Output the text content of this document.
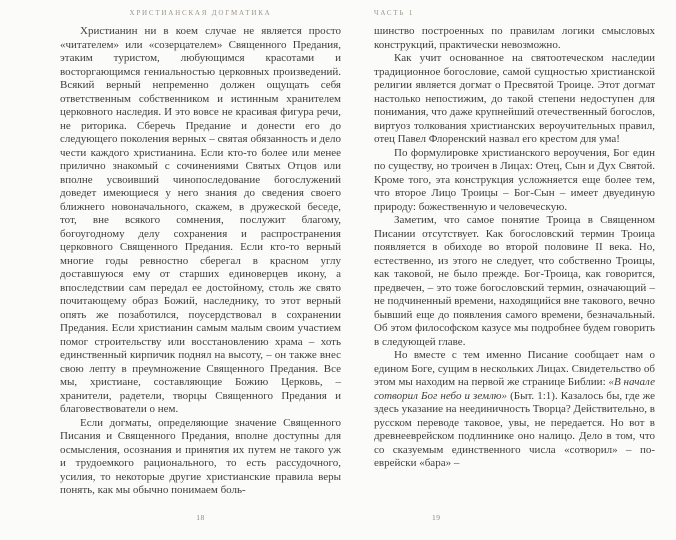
ХРИСТИАНСКАЯ ДОГМАТИКА

Христианин ни в коем случае не является просто «читателем» или «созерцателем» Священного Предания, этаким туристом, любующимся красотами и восторгающимся гениальностью церковных произведений. Всякий верный непременно должен ощущать себя ответственным собственником и истинным хранителем церковного наследия. И это вовсе не красивая фигура речи, не риторика. Сберечь Предание и донести его до следующего поколения верных – святая обязанность и дело чести каждого христианина. Если кто-то более или менее прилично знакомый с сочинениями Святых Отцов или вполне усвоивший чинопоследование богослужений доведет имеющиеся у него знания до сведения своего ближнего новоначального, скажем, в дружеской беседе, тот, вне всякого сомнения, послужит благому, богоугодному делу сохранения и распространения церковного Священного Предания. Если кто-то верный многие годы ревностно сберегал в красном углу доставшуюся ему от старших единоверцев икону, а впоследствии сам передал ее достойному, столь же свято почитающему образ Божий, наследнику, то этот верный опять же позаботился, поусердствовал в сохранении Предания. Если христианин самым малым своим участием помог строительству или восстановлению храма – хоть единственный кирпичик поднял на высоту, – он также внес свою лепту в преумножение Священного Предания. Все мы, христиане, составляющие Божию Церковь, – хранители, радетели, творцы Священного Предания и благовествователи о нем.

Если догматы, определяющие значение Священного Писания и Священного Предания, вполне доступны для осмысления, осознания и принятия их путем не такого уж и трудоемкого рационального, то есть рассудочного, усилия, то некоторые другие христианские правила веры понять, как мы обычно понимаем боль-

18
ЧАСТЬ 1

шинство построенных по правилам логики смысловых конструкций, практически невозможно.

Как учит основанное на святоотеческом наследии традиционное богословие, самой сущностью христианской религии является догмат о Пресвятой Троице. Этот догмат настолько непостижим, до такой степени недоступен для понимания, что даже крупнейший отечественный богослов, виртуоз толкования христианских вероучительных правил, отец Павел Флоренский назвал его крестом для ума!

По формулировке христианского вероучения, Бог един по существу, но троичен в Лицах: Отец, Сын и Дух Святой. Кроме того, эта конструкция усложняется еще более тем, что второе Лицо Троицы – Бог-Сын – имеет двуединую природу: божественную и человеческую.

Заметим, что самое понятие Троица в Священном Писании отсутствует. Как богословский термин Троица появляется в обиходе во второй половине II века. Но, естественно, из этого не следует, что собственно Троицы, как таковой, не было прежде. Бог-Троица, как говорится, предвечен, – это тоже богословский термин, означающий – не подчиненный времени, находящийся вне такового, вечно бывший еще до появления самого времени, безначальный. Об этом философском казусе мы подробнее будем говорить в следующей главе.

Но вместе с тем именно Писание сообщает нам о едином Боге, сущим в нескольких Лицах. Свидетельство об этом мы находим на первой же странице Библии: «В начале сотворил Бог небо и землю» (Быт. 1:1). Казалось бы, где же здесь указание на неединичность Творца? Действительно, в русском переводе таковое, увы, не передается. Но вот в древнееврейском подлиннике оно налицо. Дело в том, что со сказуемым единственного числа «сотворил» – по-еврейски «бара» –

19
